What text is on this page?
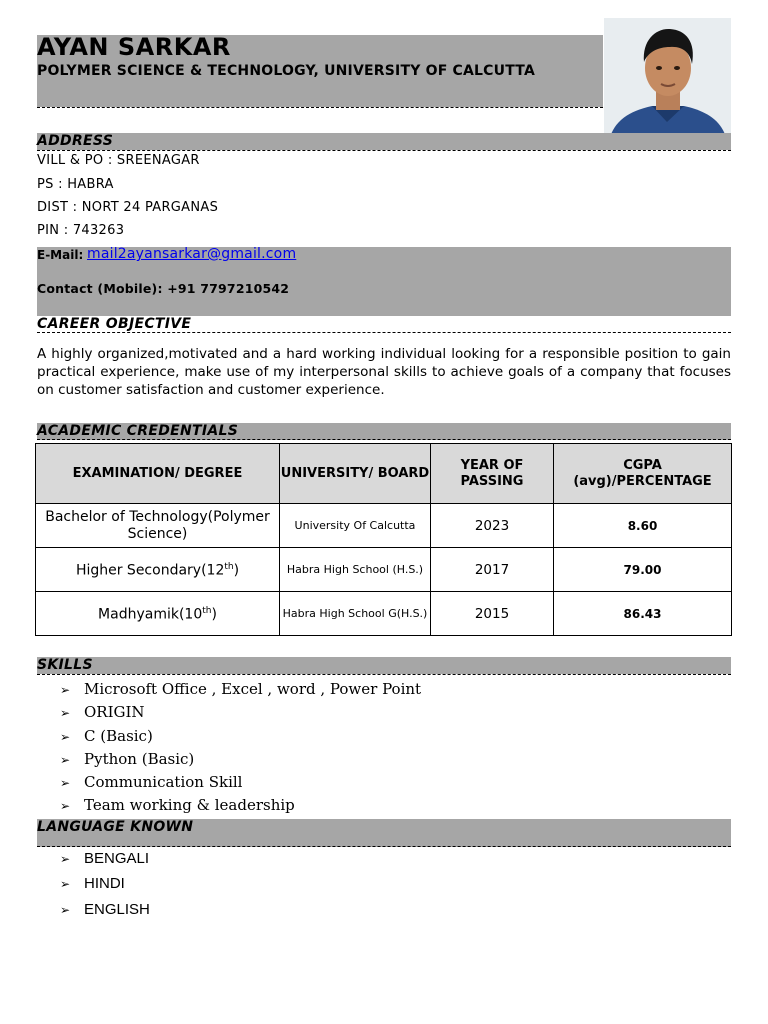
AYAN SARKAR
POLYMER SCIENCE & TECHNOLOGY, UNIVERSITY OF CALCUTTA
ADDRESS
VILL & PO : SREENAGAR
PS : HABRA
DIST : NORT 24 PARGANAS
PIN : 743263
E-Mail: mail2ayansarkar@gmail.com
Contact (Mobile): +91 7797210542
CAREER OBJECTIVE
A highly organized,motivated and a hard working individual looking for a responsible position to gain practical experience, make use of my interpersonal skills to achieve goals of a company that focuses on customer satisfaction and customer experience.
ACADEMIC CREDENTIALS
EXAMINATION/ DEGREE	UNIVERSITY/ BOARD	YEAR OF PASSING	CGPA (avg)/PERCENTAGE
Bachelor of Technology(Polymer Science)	University Of Calcutta	2023	8.60
Higher Secondary(12th)	Habra High School (H.S.)	2017	79.00
Madhyamik(10th)	Habra High School G(H.S.)	2015	86.43
SKILLS
➢ Microsoft Office , Excel , word , Power Point
➢ ORIGIN
➢ C (Basic)
➢ Python (Basic)
➢ Communication Skill
➢ Team working & leadership
LANGUAGE KNOWN
➢ BENGALI
➢ HINDI
➢ ENGLISH
